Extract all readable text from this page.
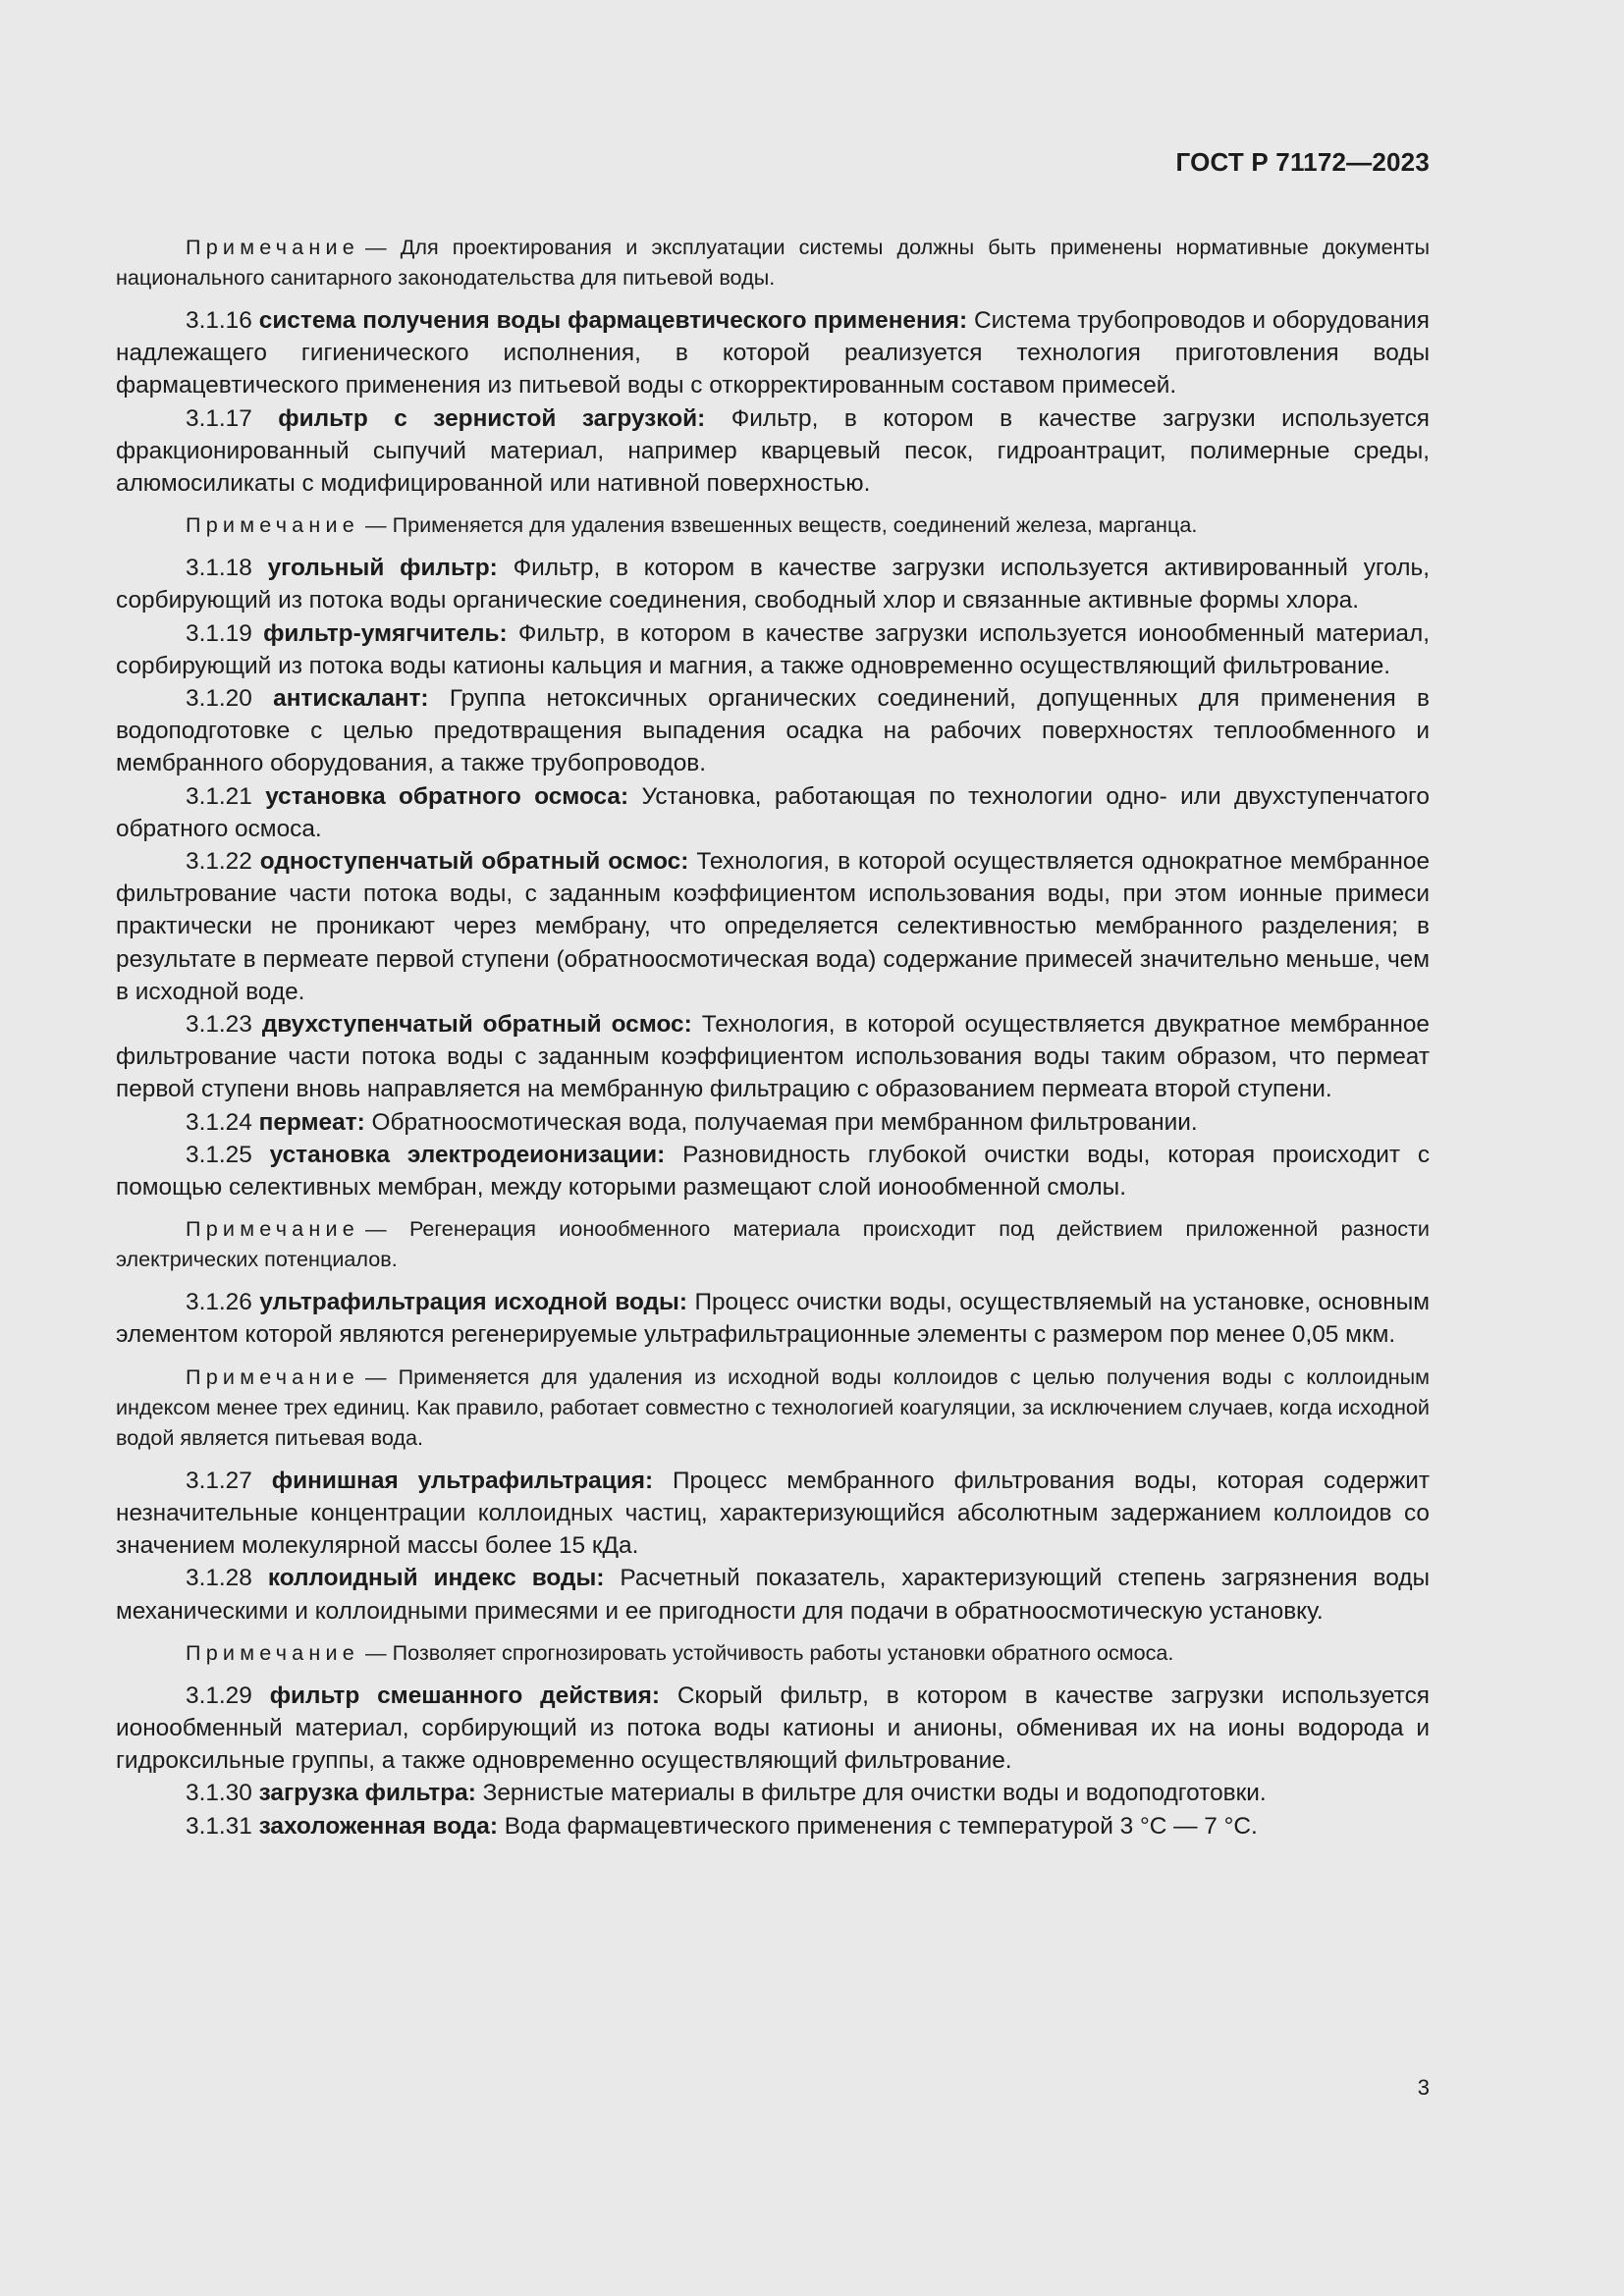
ГОСТ Р 71172—2023

Примечание — Для проектирования и эксплуатации системы должны быть применены нормативные документы национального санитарного законодательства для питьевой воды.

3.1.16 система получения воды фармацевтического применения: Система трубопроводов и оборудования надлежащего гигиенического исполнения, в которой реализуется технология приготовления воды фармацевтического применения из питьевой воды с откорректированным составом примесей.

3.1.17 фильтр с зернистой загрузкой: Фильтр, в котором в качестве загрузки используется фракционированный сыпучий материал, например кварцевый песок, гидроантрацит, полимерные среды, алюмосиликаты с модифицированной или нативной поверхностью.

Примечание — Применяется для удаления взвешенных веществ, соединений железа, марганца.

3.1.18 угольный фильтр: Фильтр, в котором в качестве загрузки используется активированный уголь, сорбирующий из потока воды органические соединения, свободный хлор и связанные активные формы хлора.

3.1.19 фильтр-умягчитель: Фильтр, в котором в качестве загрузки используется ионообменный материал, сорбирующий из потока воды катионы кальция и магния, а также одновременно осуществляющий фильтрование.

3.1.20 антискалант: Группа нетоксичных органических соединений, допущенных для применения в водоподготовке с целью предотвращения выпадения осадка на рабочих поверхностях теплообменного и мембранного оборудования, а также трубопроводов.

3.1.21 установка обратного осмоса: Установка, работающая по технологии одно- или двухступенчатого обратного осмоса.

3.1.22 одноступенчатый обратный осмос: Технология, в которой осуществляется однократное мембранное фильтрование части потока воды, с заданным коэффициентом использования воды, при этом ионные примеси практически не проникают через мембрану, что определяется селективностью мембранного разделения; в результате в пермеате первой ступени (обратноосмотическая вода) содержание примесей значительно меньше, чем в исходной воде.

3.1.23 двухступенчатый обратный осмос: Технология, в которой осуществляется двукратное мембранное фильтрование части потока воды с заданным коэффициентом использования воды таким образом, что пермеат первой ступени вновь направляется на мембранную фильтрацию с образованием пермеата второй ступени.

3.1.24 пермеат: Обратноосмотическая вода, получаемая при мембранном фильтровании.

3.1.25 установка электродеионизации: Разновидность глубокой очистки воды, которая происходит с помощью селективных мембран, между которыми размещают слой ионообменной смолы.

Примечание — Регенерация ионообменного материала происходит под действием приложенной разности электрических потенциалов.

3.1.26 ультрафильтрация исходной воды: Процесс очистки воды, осуществляемый на установке, основным элементом которой являются регенерируемые ультрафильтрационные элементы с размером пор менее 0,05 мкм.

Примечание — Применяется для удаления из исходной воды коллоидов с целью получения воды с коллоидным индексом менее трех единиц. Как правило, работает совместно с технологией коагуляции, за исключением случаев, когда исходной водой является питьевая вода.

3.1.27 финишная ультрафильтрация: Процесс мембранного фильтрования воды, которая содержит незначительные концентрации коллоидных частиц, характеризующийся абсолютным задержанием коллоидов со значением молекулярной массы более 15 кДа.

3.1.28 коллоидный индекс воды: Расчетный показатель, характеризующий степень загрязнения воды механическими и коллоидными примесями и ее пригодности для подачи в обратноосмотическую установку.

Примечание — Позволяет спрогнозировать устойчивость работы установки обратного осмоса.

3.1.29 фильтр смешанного действия: Скорый фильтр, в котором в качестве загрузки используется ионообменный материал, сорбирующий из потока воды катионы и анионы, обменивая их на ионы водорода и гидроксильные группы, а также одновременно осуществляющий фильтрование.

3.1.30 загрузка фильтра: Зернистые материалы в фильтре для очистки воды и водоподготовки.

3.1.31 захоложенная вода: Вода фармацевтического применения с температурой 3 °С — 7 °С.

3
